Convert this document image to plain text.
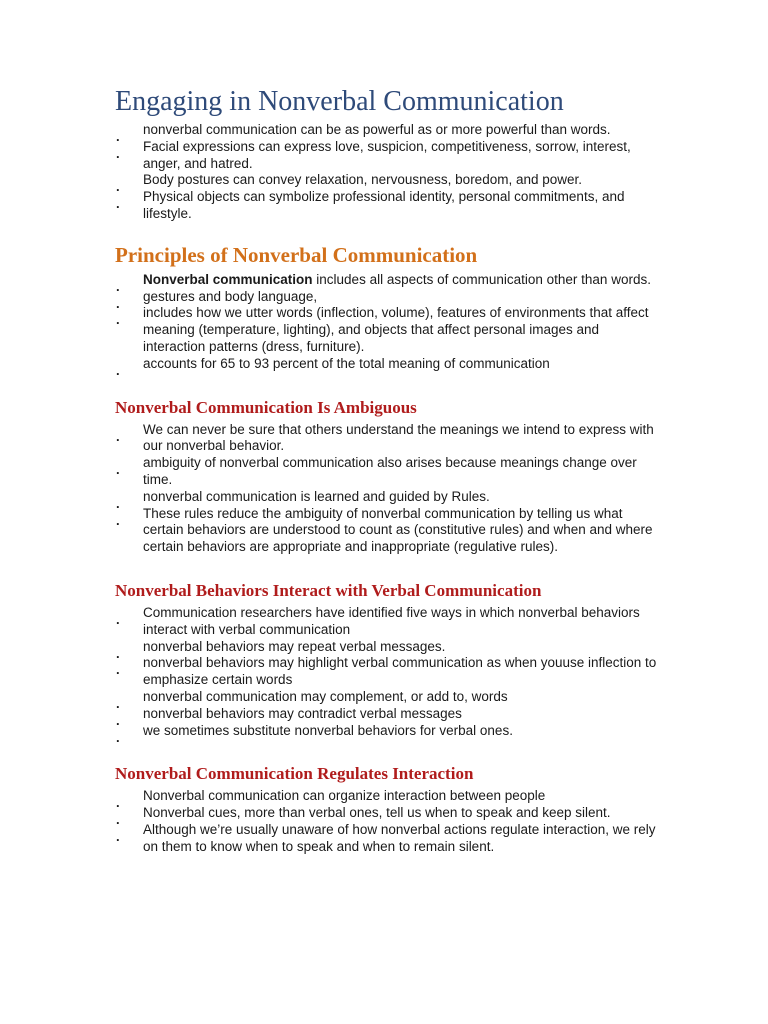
Engaging in Nonverbal Communication
. nonverbal communication can be as powerful as or more powerful than words.
. Facial expressions can express love, suspicion, competitiveness, sorrow, interest, anger, and hatred.
. Body postures can convey relaxation, nervousness, boredom, and power.
. Physical objects can symbolize professional identity, personal commitments, and lifestyle.
Principles of Nonverbal Communication
. Nonverbal communication includes all aspects of communication other than words.
. gestures and body language,
. includes how we utter words (inflection, volume), features of environments that affect meaning (temperature, lighting), and objects that affect personal images and interaction patterns (dress, furniture).
. accounts for 65 to 93 percent of the total meaning of communication
Nonverbal Communication Is Ambiguous
. We can never be sure that others understand the meanings we intend to express with our nonverbal behavior.
. ambiguity of nonverbal communication also arises because meanings change over time.
. nonverbal communication is learned and guided by Rules.
. These rules reduce the ambiguity of nonverbal communication by telling us what certain behaviors are understood to count as (constitutive rules) and when and where certain behaviors are appropriate and inappropriate (regulative rules).
Nonverbal Behaviors Interact with Verbal Communication
. Communication researchers have identified five ways in which nonverbal behaviors interact with verbal communication
. nonverbal behaviors may repeat verbal messages.
. nonverbal behaviors may highlight verbal communication as when youuse inflection to emphasize certain words
. nonverbal communication may complement, or add to, words
. nonverbal behaviors may contradict verbal messages
. we sometimes substitute nonverbal behaviors for verbal ones.
Nonverbal Communication Regulates Interaction
. Nonverbal communication can organize interaction between people
. Nonverbal cues, more than verbal ones, tell us when to speak and keep silent.
. Although we’re usually unaware of how nonverbal actions regulate interaction, we rely on them to know when to speak and when to remain silent.
